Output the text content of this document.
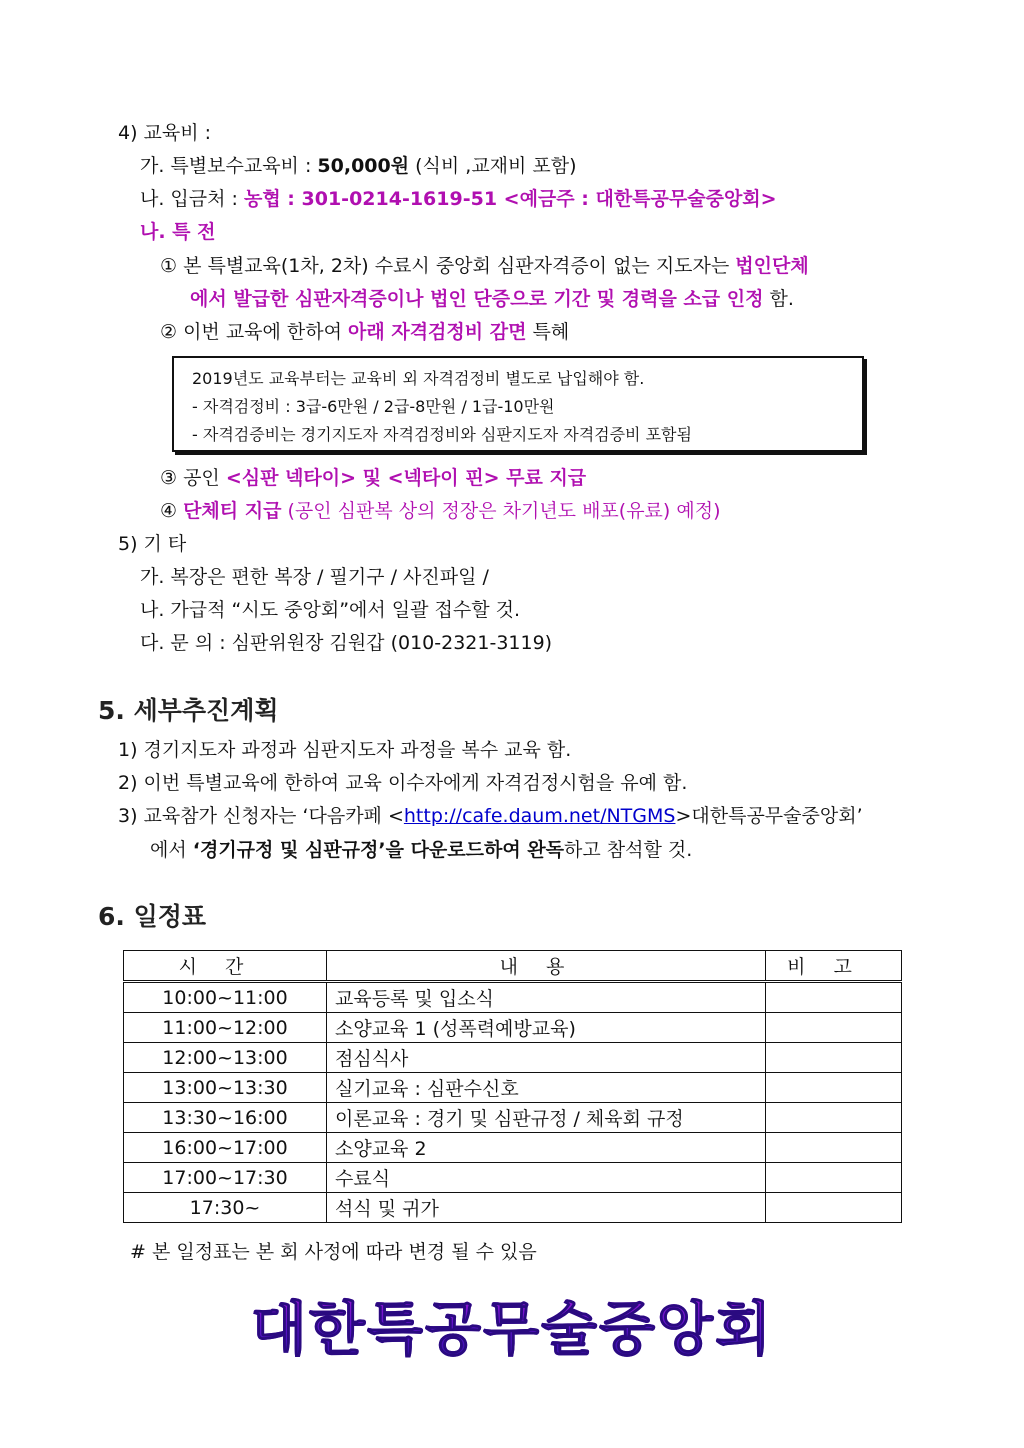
4) 교육비 :
가. 특별보수교육비 : 50,000원 (식비 ,교재비 포함)
나. 입금처 : 농협 : 301-0214-1619-51 <예금주 : 대한특공무술중앙회>
나. 특 전
① 본 특별교육(1차, 2차) 수료시 중앙회 심판자격증이 없는 지도자는 법인단체
에서 발급한 심판자격증이나 법인 단증으로 기간 및 경력을 소급 인정 함.
② 이번 교육에 한하여 아래 자격검정비 감면 특혜
2019년도 교육부터는 교육비 외 자격검정비 별도로 납입해야 함.
- 자격검정비 : 3급-6만원 / 2급-8만원 / 1급-10만원
- 자격검증비는 경기지도자 자격검정비와 심판지도자 자격검증비 포함됨
③ 공인 <심판 넥타이> 및 <넥타이 핀> 무료 지급
④ 단체티 지급 (공인 심판복 상의 정장은 차기년도 배포(유료) 예정)
5) 기 타
가. 복장은 편한 복장 / 필기구 / 사진파일 /
나. 가급적 “시도 중앙회”에서 일괄 접수할 것.
다. 문 의 : 심판위원장 김원갑 (010-2321-3119)
5. 세부추진계획
1) 경기지도자 과정과 심판지도자 과정을 복수 교육 함.
2) 이번 특별교육에 한하여 교육 이수자에게 자격검정시험을 유예 함.
3) 교육참가 신청자는 ‘다음카페 <http://cafe.daum.net/NTGMS>대한특공무술중앙회’
에서 ‘경기규정 및 심판규정’을 다운로드하여 완독하고 참석할 것.
6. 일정표
시간	내용	비고
10:00~11:00	교육등록 및 입소식	
11:00~12:00	소양교육 1 (성폭력예방교육)	
12:00~13:00	점심식사	
13:00~13:30	실기교육 : 심판수신호	
13:30~16:00	이론교육 : 경기 및 심판규정 / 체육회 규정	
16:00~17:00	소양교육 2	
17:00~17:30	수료식	
17:30~	석식 및 귀가	
# 본 일정표는 본 회 사정에 따라 변경 될 수 있음
대한특공무술중앙회
